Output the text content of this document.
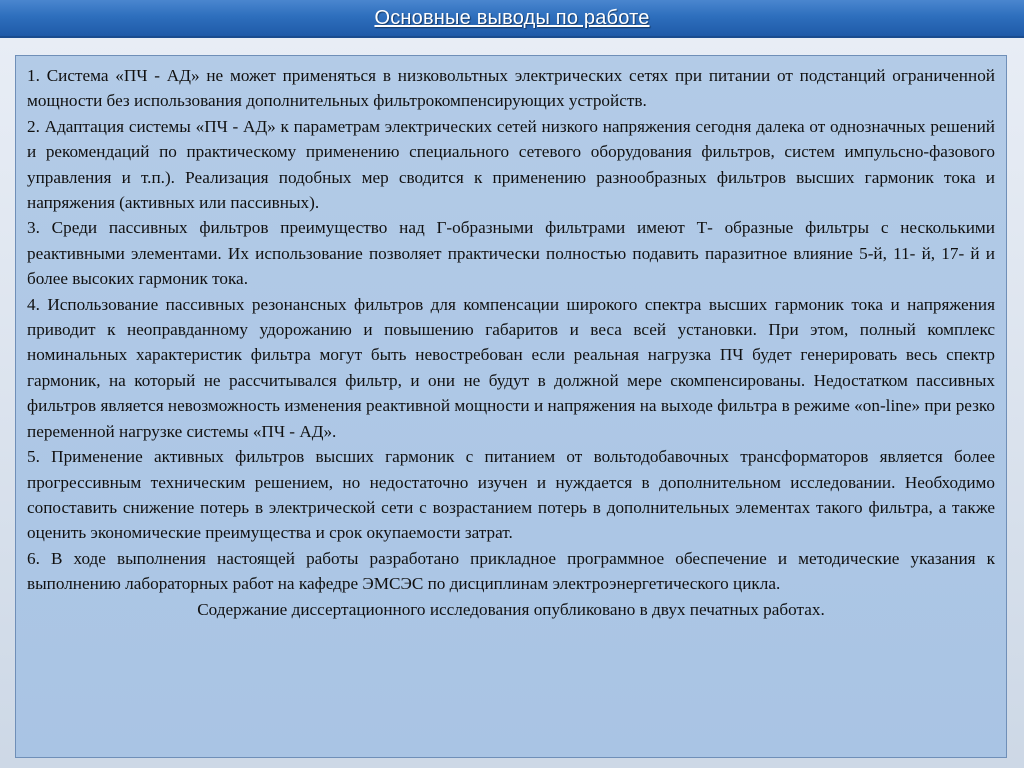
Основные выводы по работе

1. Система «ПЧ - АД» не может применяться в низковольтных электрических сетях при питании от подстанций ограниченной мощности без использования дополнительных фильтрокомпенсирующих устройств.

2. Адаптация системы «ПЧ - АД» к параметрам электрических сетей низкого напряжения сегодня далека от однозначных решений и рекомендаций по практическому применению специального сетевого оборудования фильтров, систем импульсно-фазового управления и т.п.). Реализация подобных мер сводится к применению разнообразных фильтров высших гармоник тока и напряжения (активных или пассивных).

3. Среди пассивных фильтров преимущество над Г-образными фильтрами имеют Т- образные фильтры с несколькими реактивными элементами. Их использование позволяет практически полностью подавить паразитное влияние 5-й, 11- й, 17- й и более высоких гармоник тока.

4. Использование пассивных резонансных фильтров для компенсации широкого спектра высших гармоник тока и напряжения приводит к неоправданному удорожанию и повышению габаритов и веса всей установки. При этом, полный комплекс номинальных характеристик фильтра могут быть невостребован если реальная нагрузка ПЧ будет генерировать весь спектр гармоник, на который не рассчитывался фильтр, и они не будут в должной мере скомпенсированы. Недостатком пассивных фильтров является невозможность изменения реактивной мощности и напряжения на выходе фильтра в режиме «on-line» при резко переменной нагрузке системы «ПЧ - АД».

5. Применение активных фильтров высших гармоник с питанием от вольтодобавочных трансформаторов является более прогрессивным техническим решением, но недостаточно изучен и нуждается в дополнительном исследовании. Необходимо сопоставить снижение потерь в электрической сети с возрастанием потерь в дополнительных элементах такого фильтра, а также оценить экономические преимущества и срок окупаемости затрат.

6. В ходе выполнения настоящей работы разработано прикладное программное обеспечение и методические указания к выполнению лабораторных работ на кафедре ЭМСЭС по дисциплинам электроэнергетического цикла.

Содержание диссертационного исследования опубликовано в двух печатных работах.
